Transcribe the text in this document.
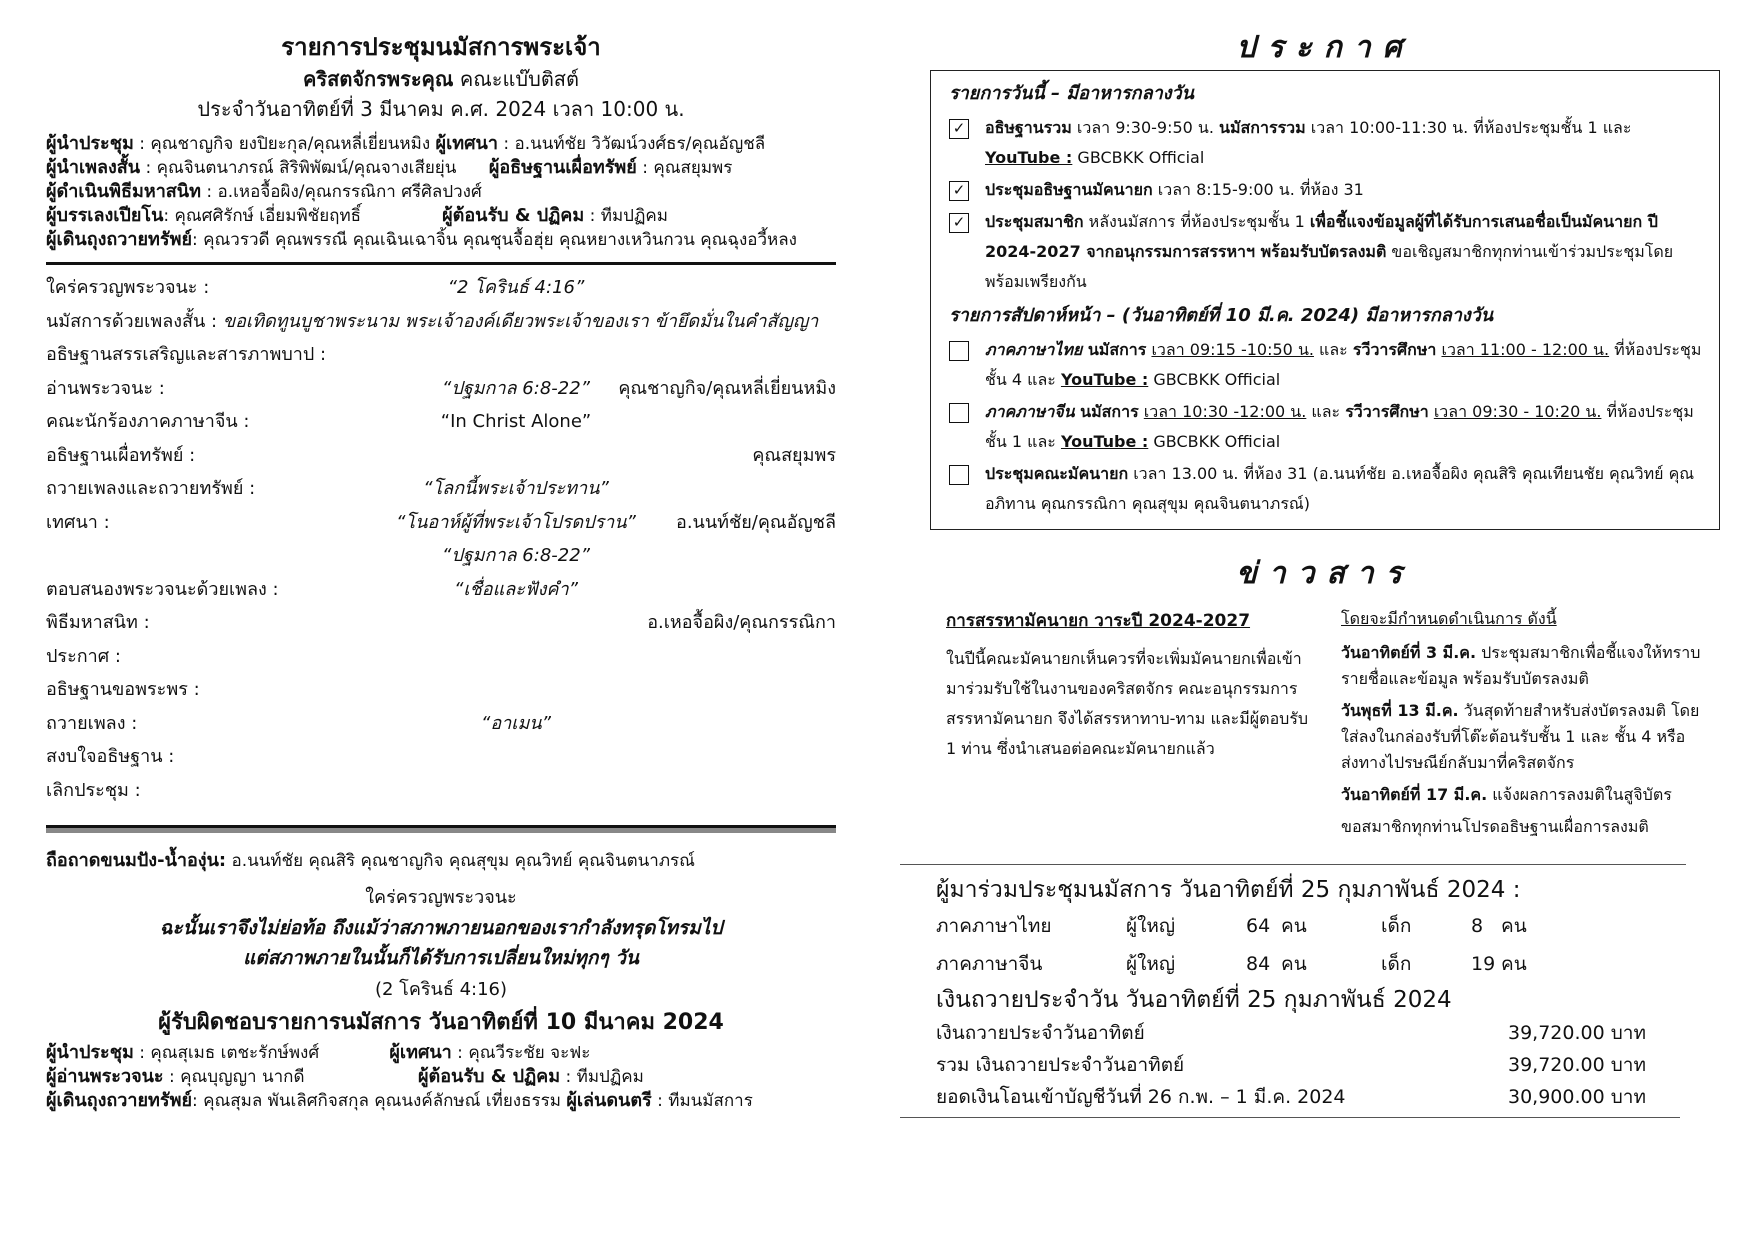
รายการประชุมนมัสการพระเจ้า

คริสตจักรพระคุณ คณะแบ๊บติสต์
ประจำวันอาทิตย์ที่ 3 มีนาคม ค.ศ. 2024 เวลา 10:00 น.
ผู้นำประชุม : คุณชาญกิจ ยงปิยะกุล/คุณหลี่เยี่ยนหมิง ผู้เทศนา : อ.นนท์ชัย วิวัฒน์วงศ์ธร/คุณอัญชลี
ผู้นำเพลงสั้น : คุณจินตนาภรณ์ สิริพิพัฒน์/คุณจางเสียยุ่น      ผู้อธิษฐานเผื่อทรัพย์ : คุณสยุมพร
ผู้ดำเนินพิธีมหาสนิท : อ.เหอจื้อผิง/คุณกรรณิกา ศรีศิลปวงศ์
ผู้บรรเลงเปียโน: คุณศศิรักษ์ เอี่ยมพิชัยฤทธิ์               ผู้ต้อนรับ & ปฏิคม : ทีมปฏิคม
ผู้เดินถุงถวายทรัพย์: คุณวรวดี คุณพรรณี คุณเฉินเฉาจิ้น คุณชุนจื้อฮุ่ย คุณหยางเหวินกวน คุณฉุงอวี้หลง
ใคร่ครวญพระวจนะ :	“2 โครินธ์ 4:16”
นมัสการด้วยเพลงสั้น : ขอเทิดทูนบูชาพระนาม พระเจ้าองค์เดียวพระเจ้าของเรา ข้ายึดมั่นในคำสัญญา
อธิษฐานสรรเสริญและสารภาพบาป :
อ่านพระวจนะ :	“ปฐมกาล 6:8-22”	คุณชาญกิจ/คุณหลี่เยี่ยนหมิง
คณะนักร้องภาคภาษาจีน :	“In Christ Alone”
อธิษฐานเผื่อทรัพย์ :	คุณสยุมพร
ถวายเพลงและถวายทรัพย์ :	“โลกนี้พระเจ้าประทาน”
เทศนา :	“โนอาห์ผู้ที่พระเจ้าโปรดปราน”	อ.นนท์ชัย/คุณอัญชลี
“ปฐมกาล 6:8-22”
ตอบสนองพระวจนะด้วยเพลง :	“เชื่อและฟังคำ”
พิธีมหาสนิท :	อ.เหอจื้อผิง/คุณกรรณิกา
ประกาศ :
อธิษฐานขอพระพร :
ถวายเพลง :	“อาเมน”
สงบใจอธิษฐาน :
เลิกประชุม :
ถือถาดขนมปัง-น้ำองุ่น: อ.นนท์ชัย คุณสิริ คุณชาญกิจ คุณสุขุม คุณวิทย์ คุณจินตนาภรณ์
ใคร่ครวญพระวจนะ
ฉะนั้นเราจึงไม่ย่อท้อ ถึงแม้ว่าสภาพภายนอกของเรากำลังทรุดโทรมไป
แต่สภาพภายในนั้นก็ได้รับการเปลี่ยนใหม่ทุกๆ วัน
(2 โครินธ์ 4:16)
ผู้รับผิดชอบรายการนมัสการ วันอาทิตย์ที่ 10 มีนาคม 2024
ผู้นำประชุม : คุณสุเมธ เตชะรักษ์พงศ์             ผู้เทศนา : คุณวีระชัย จะฟะ
ผู้อ่านพระวจนะ : คุณบุญญา นากดี                     ผู้ต้อนรับ & ปฏิคม : ทีมปฏิคม
ผู้เดินถุงถวายทรัพย์: คุณสุมล พันเลิศกิจสกุล คุณนงค์ลักษณ์ เที่ยงธรรม ผู้เล่นดนตรี : ทีมนมัสการ

ประกาศ

รายการวันนี้ – มีอาหารกลางวัน
✓ อธิษฐานรวม เวลา 9:30-9:50 น. นมัสการรวม เวลา 10:00-11:30 น. ที่ห้องประชุมชั้น 1 และ YouTube : GBCBKK Official
✓ ประชุมอธิษฐานมัคนายก เวลา 8:15-9:00 น. ที่ห้อง 31
✓ ประชุมสมาชิก หลังนมัสการ ที่ห้องประชุมชั้น 1 เพื่อชี้แจงข้อมูลผู้ที่ได้รับการเสนอชื่อเป็นมัคนายก ปี 2024-2027 จากอนุกรรมการสรรหาฯ พร้อมรับบัตรลงมติ ขอเชิญสมาชิกทุกท่านเข้าร่วมประชุมโดยพร้อมเพรียงกัน
รายการสัปดาห์หน้า – (วันอาทิตย์ที่ 10 มี.ค. 2024) มีอาหารกลางวัน
ภาคภาษาไทย นมัสการ เวลา 09:15 -10:50 น. และ รวีวารศึกษา เวลา 11:00 - 12:00 น. ที่ห้องประชุมชั้น 4 และ YouTube : GBCBKK Official
ภาคภาษาจีน นมัสการ เวลา 10:30 -12:00 น. และ รวีวารศึกษา เวลา 09:30 - 10:20 น. ที่ห้องประชุมชั้น 1 และ YouTube : GBCBKK Official
ประชุมคณะมัคนายก เวลา 13.00 น. ที่ห้อง 31 (อ.นนท์ชัย อ.เหอจื้อผิง คุณสิริ คุณเทียนชัย คุณวิทย์ คุณอภิทาน คุณกรรณิกา คุณสุขุม คุณจินตนาภรณ์)

ข่าวสาร

การสรรหามัคนายก วาระปี 2024-2027
ในปีนี้คณะมัคนายกเห็นควรที่จะเพิ่มมัคนายกเพื่อเข้ามาร่วมรับใช้ในงานของคริสตจักร คณะอนุกรรมการสรรหามัคนายก จึงได้สรรหาทาบ-ทาม และมีผู้ตอบรับ 1 ท่าน ซึ่งนำเสนอต่อคณะมัคนายกแล้ว
โดยจะมีกำหนดดำเนินการ ดังนี้

วันอาทิตย์ที่ 3 มี.ค. ประชุมสมาชิกเพื่อชี้แจงให้ทราบรายชื่อและข้อมูล พร้อมรับบัตรลงมติ

วันพุธที่ 13 มี.ค. วันสุดท้ายสำหรับส่งบัตรลงมติ โดยใส่ลงในกล่องรับที่โต๊ะต้อนรับชั้น 1 และ ชั้น 4 หรือส่งทางไปรษณีย์กลับมาที่คริสตจักร

วันอาทิตย์ที่ 17 มี.ค. แจ้งผลการลงมติในสูจิบัตร

ขอสมาชิกทุกท่านโปรดอธิษฐานเผื่อการลงมติ

ผู้มาร่วมประชุมนมัสการ วันอาทิตย์ที่ 25 กุมภาพันธ์ 2024 :
ภาคภาษาไทย	ผู้ใหญ่	64 คน	เด็ก	8 คน
ภาคภาษาจีน	ผู้ใหญ่	84 คน	เด็ก	19 คน
เงินถวายประจำวัน วันอาทิตย์ที่ 25 กุมภาพันธ์ 2024
เงินถวายประจำวันอาทิตย์	39,720.00 บาท
รวม เงินถวายประจำวันอาทิตย์	39,720.00 บาท
ยอดเงินโอนเข้าบัญชีวันที่ 26 ก.พ. – 1 มี.ค. 2024	30,900.00 บาท
